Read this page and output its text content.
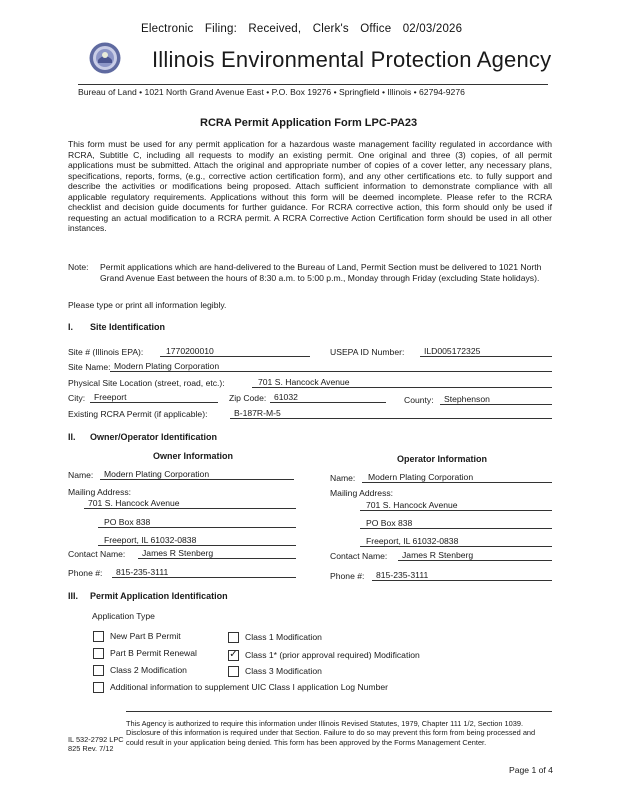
Electronic Filing: Received, Clerk's Office 02/03/2026
Illinois Environmental Protection Agency
Bureau of Land • 1021 North Grand Avenue East • P.O. Box 19276 • Springfield • Illinois • 62794-9276
RCRA Permit Application Form LPC-PA23
This form must be used for any permit application for a hazardous waste management facility regulated in accordance with RCRA, Subtitle C, including all requests to modify an existing permit. One original and three (3) copies, of all permit applications must be submitted. Attach the original and appropriate number of copies of a cover letter, any necessary plans, specifications, reports, forms, (e.g., corrective action certification form), and any other certifications etc. to fully support and describe the activities or modifications being proposed. Attach sufficient information to demonstrate compliance with all applicable regulatory requirements. Applications without this form will be deemed incomplete. Please refer to the RCRA checklist and decision guide documents for further guidance. For RCRA corrective action, this form should only be used if requesting an actual modification to a RCRA permit. A RCRA Corrective Action Certification form should be used in all other instances.
Note: Permit applications which are hand-delivered to the Bureau of Land, Permit Section must be delivered to 1021 North Grand Avenue East between the hours of 8:30 a.m. to 5:00 p.m., Monday through Friday (excluding State holidays).
Please type or print all information legibly.
I. Site Identification
Site # (Illinois EPA):	1770200010	USEPA ID Number: ILD005172325
Site Name: Modern Plating Corporation
Physical Site Location (street, road, etc.):	701 S. Hancock Avenue
City: Freeport	Zip Code: 61032	County: Stephenson
Existing RCRA Permit (if applicable):	B-187R-M-5
II. Owner/Operator Identification
Owner Information
Name: Modern Plating Corporation
Mailing Address:
701 S. Hancock Avenue
PO Box 838
Freeport, IL 61032-0838
Contact Name: James R Stenberg
Phone #: 815-235-3111
Operator Information
Name: Modern Plating Corporation
Mailing Address:
701 S. Hancock Avenue
PO Box 838
Freeport, IL 61032-0838
Contact Name: James R Stenberg
Phone #: 815-235-3111
III. Permit Application Identification
Application Type
New Part B Permit
Part B Permit Renewal
Class 2 Modification
Class 1 Modification
✓ Class 1* (prior approval required) Modification
Class 3 Modification
Additional information to supplement UIC Class I application Log Number
This Agency is authorized to require this information under Illinois Revised Statutes, 1979, Chapter 111 1/2, Section 1039. Disclosure of this information is required under that Section. Failure to do so may prevent this form from being processed and could result in your application being denied. This form has been approved by the Forms Management Center.
IL 532-2792 LPC 825 Rev. 7/12
Page 1 of 4
